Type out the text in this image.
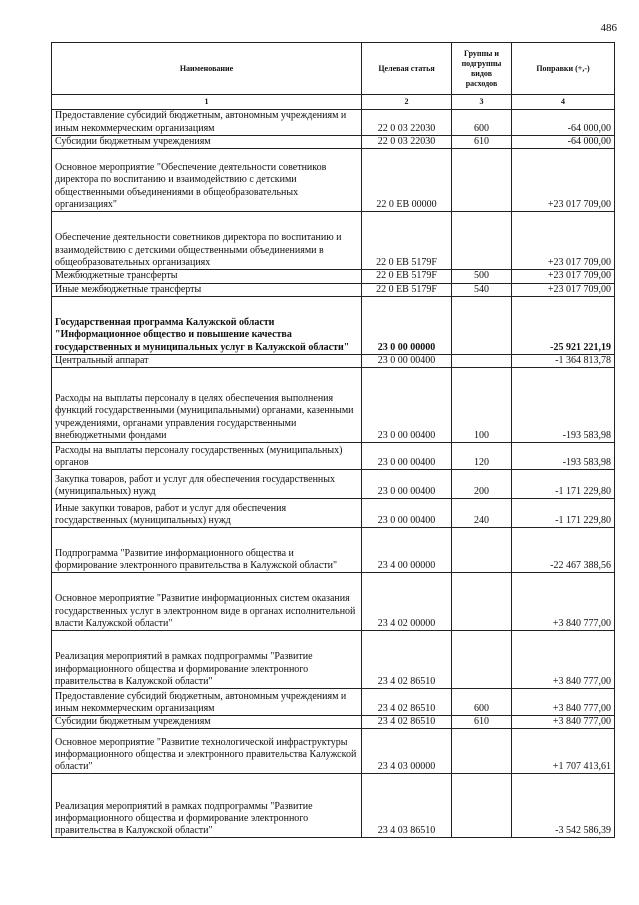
486
Наименование	Целевая статья	Группы и подгруппы видов расходов	Поправки (+,-)
1	2	3	4
Предоставление субсидий бюджетным, автономным учреждениям и иным некоммерческим организациям	22 0 03 22030	600	-64 000,00
Субсидии бюджетным учреждениям	22 0 03 22030	610	-64 000,00
Основное мероприятие "Обеспечение деятельности советников директора по воспитанию и взаимодействию с детскими общественными объединениями в общеобразовательных организациях"	22 0 EB 00000		+23 017 709,00
Обеспечение деятельности советников директора по воспитанию и взаимодействию с детскими общественными объединениями в общеобразовательных организациях	22 0 EB 5179F		+23 017 709,00
Межбюджетные трансферты	22 0 EB 5179F	500	+23 017 709,00
Иные межбюджетные трансферты	22 0 EB 5179F	540	+23 017 709,00
Государственная программа Калужской области "Информационное общество и повышение качества государственных и муниципальных услуг в Калужской области"	23 0 00 00000		-25 921 221,19
Центральный аппарат	23 0 00 00400		-1 364 813,78
Расходы на выплаты персоналу в целях обеспечения выполнения функций государственными (муниципальными) органами, казенными учреждениями, органами управления государственными внебюджетными фондами	23 0 00 00400	100	-193 583,98
Расходы на выплаты персоналу государственных (муниципальных) органов	23 0 00 00400	120	-193 583,98
Закупка товаров, работ и услуг для обеспечения государственных (муниципальных) нужд	23 0 00 00400	200	-1 171 229,80
Иные закупки товаров, работ и услуг для обеспечения государственных (муниципальных) нужд	23 0 00 00400	240	-1 171 229,80
Подпрограмма "Развитие информационного общества и формирование электронного правительства в Калужской области"	23 4 00 00000		-22 467 388,56
Основное мероприятие "Развитие информационных систем оказания государственных услуг в электронном виде в органах исполнительной власти Калужской области"	23 4 02 00000		+3 840 777,00
Реализация мероприятий в рамках подпрограммы "Развитие информационного общества и формирование электронного правительства в Калужской области"	23 4 02 86510		+3 840 777,00
Предоставление субсидий бюджетным, автономным учреждениям и иным некоммерческим организациям	23 4 02 86510	600	+3 840 777,00
Субсидии бюджетным учреждениям	23 4 02 86510	610	+3 840 777,00
Основное мероприятие "Развитие технологической инфраструктуры информационного общества и электронного правительства Калужской области"	23 4 03 00000		+1 707 413,61
Реализация мероприятий в рамках подпрограммы "Развитие информационного общества и формирование электронного правительства в Калужской области"	23 4 03 86510		-3 542 586,39
